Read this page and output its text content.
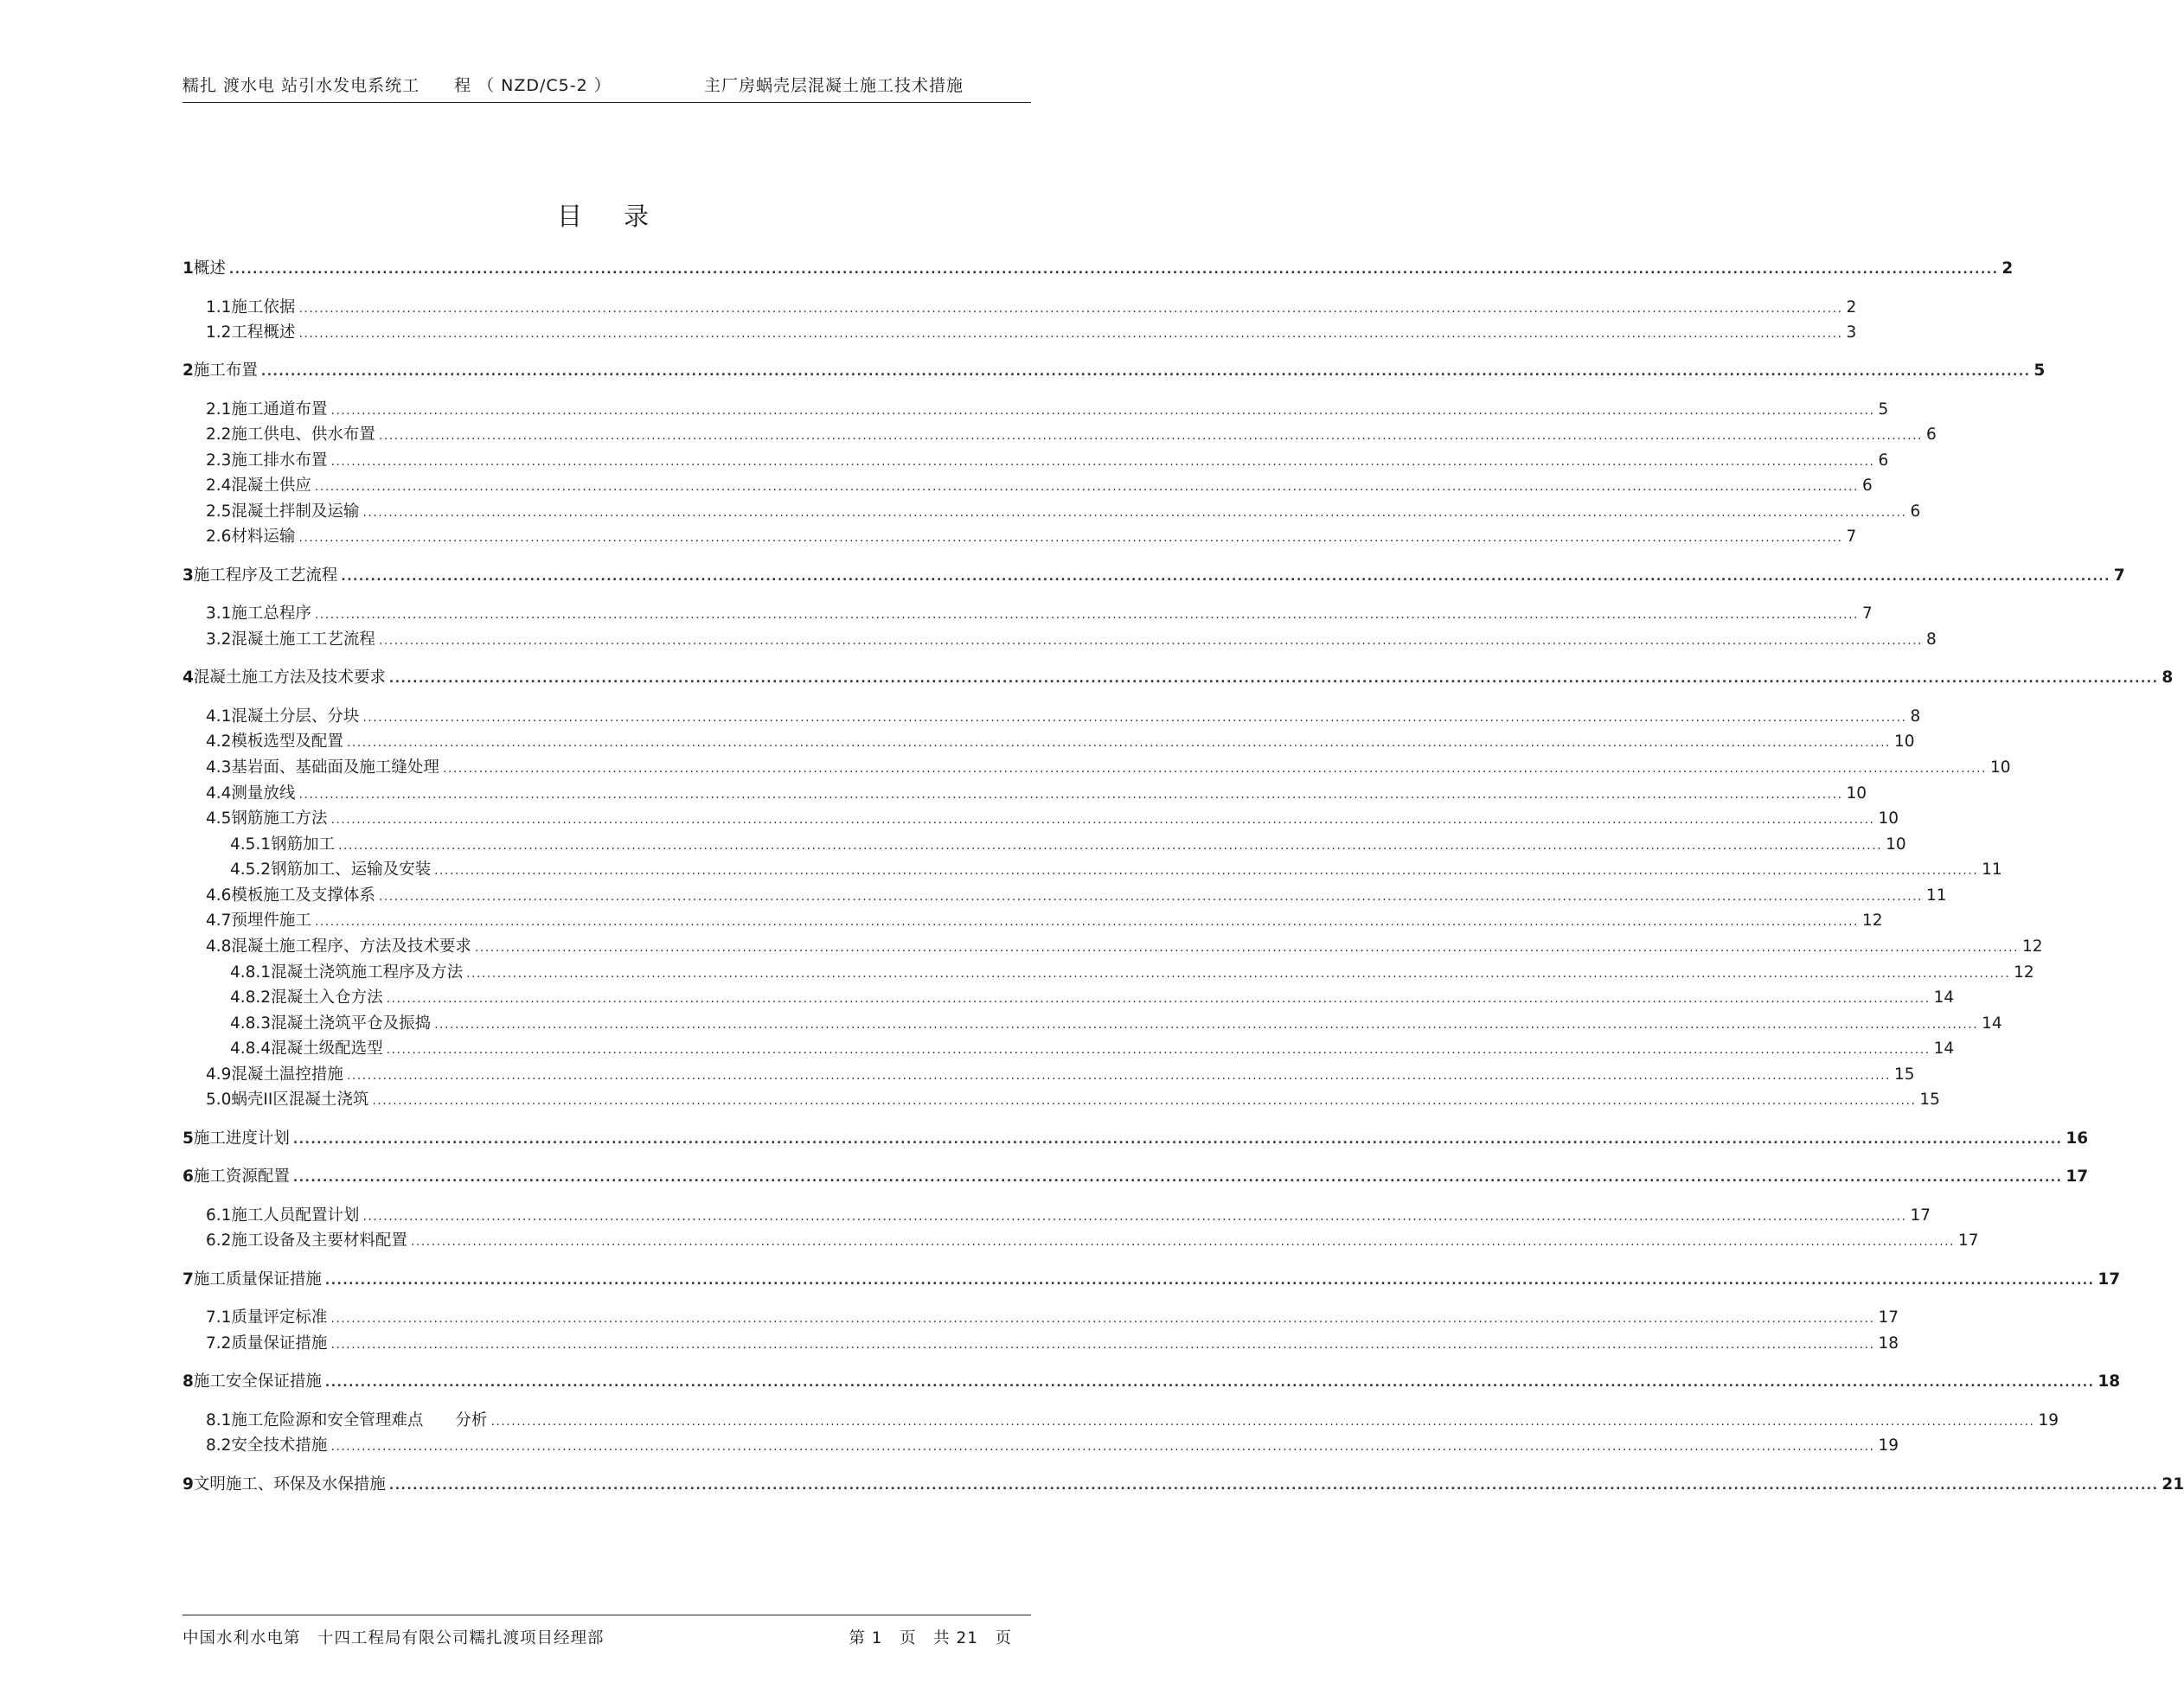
糯扎 渡水电 站引水发电系统工　　程 （ NZD/C5-2 ）	主厂房蜗壳层混凝土施工技术措施
目录
1 概述 ............................................................................................................................................................................................................................................................................................................ 2
1.1 施工依据 ............................................................................................................................................................................................................................................................................................................ 2
1.2 工程概述 ............................................................................................................................................................................................................................................................................................................ 3
2 施工布置 ............................................................................................................................................................................................................................................................................................................ 5
2.1 施工通道布置 ............................................................................................................................................................................................................................................................................................................ 5
2.2 施工供电、供水布置 ............................................................................................................................................................................................................................................................................................................ 6
2.3 施工排水布置 ............................................................................................................................................................................................................................................................................................................ 6
2.4 混凝土供应 ............................................................................................................................................................................................................................................................................................................ 6
2.5 混凝土拌制及运输 ............................................................................................................................................................................................................................................................................................................ 6
2.6 材料运输 ............................................................................................................................................................................................................................................................................................................ 7
3 施工程序及工艺流程 ............................................................................................................................................................................................................................................................................................................ 7
3.1 施工总程序 ............................................................................................................................................................................................................................................................................................................ 7
3.2 混凝土施工工艺流程 ............................................................................................................................................................................................................................................................................................................ 8
4 混凝土施工方法及技术要求 ............................................................................................................................................................................................................................................................................................................ 8
4.1 混凝土分层、分块 ............................................................................................................................................................................................................................................................................................................ 8
4.2 模板选型及配置 ............................................................................................................................................................................................................................................................................................................ 10
4.3 基岩面、基础面及施工缝处理 ............................................................................................................................................................................................................................................................................................................ 10
4.4 测量放线 ............................................................................................................................................................................................................................................................................................................ 10
4.5 钢筋施工方法 ............................................................................................................................................................................................................................................................................................................ 10
4.5.1 钢筋加工 ............................................................................................................................................................................................................................................................................................................ 10
4.5.2 钢筋加工、运输及安装 ............................................................................................................................................................................................................................................................................................................ 11
4.6 模板施工及支撑体系 ............................................................................................................................................................................................................................................................................................................ 11
4.7 预埋件施工 ............................................................................................................................................................................................................................................................................................................ 12
4.8 混凝土施工程序、方法及技术要求 ............................................................................................................................................................................................................................................................................................................ 12
4.8.1 混凝土浇筑施工程序及方法 ............................................................................................................................................................................................................................................................................................................ 12
4.8.2 混凝土入仓方法 ............................................................................................................................................................................................................................................................................................................ 14
4.8.3 混凝土浇筑平仓及振捣 ............................................................................................................................................................................................................................................................................................................ 14
4.8.4 混凝土级配选型 ............................................................................................................................................................................................................................................................................................................ 14
4.9 混凝土温控措施 ............................................................................................................................................................................................................................................................................................................ 15
5.0 蜗壳II区混凝土浇筑 ............................................................................................................................................................................................................................................................................................................ 15
5 施工进度计划 ............................................................................................................................................................................................................................................................................................................ 16
6 施工资源配置 ............................................................................................................................................................................................................................................................................................................ 17
6.1 施工人员配置计划 ............................................................................................................................................................................................................................................................................................................ 17
6.2 施工设备及主要材料配置 ............................................................................................................................................................................................................................................................................................................ 17
7 施工质量保证措施 ............................................................................................................................................................................................................................................................................................................ 17
7.1 质量评定标准 ............................................................................................................................................................................................................................................................................................................ 17
7.2 质量保证措施 ............................................................................................................................................................................................................................................................................................................ 18
8 施工安全保证措施 ............................................................................................................................................................................................................................................................................................................ 18
8.1 施工危险源和安全管理难点　　分析 ............................................................................................................................................................................................................................................................................................................ 19
8.2 安全技术措施 ............................................................................................................................................................................................................................................................................................................ 19
9 文明施工、环保及水保措施 ............................................................................................................................................................................................................................................................................................................ 21
中国水利水电第　十四工程局有限公司糯扎渡项目经理部	第 1　页　共 21　页
